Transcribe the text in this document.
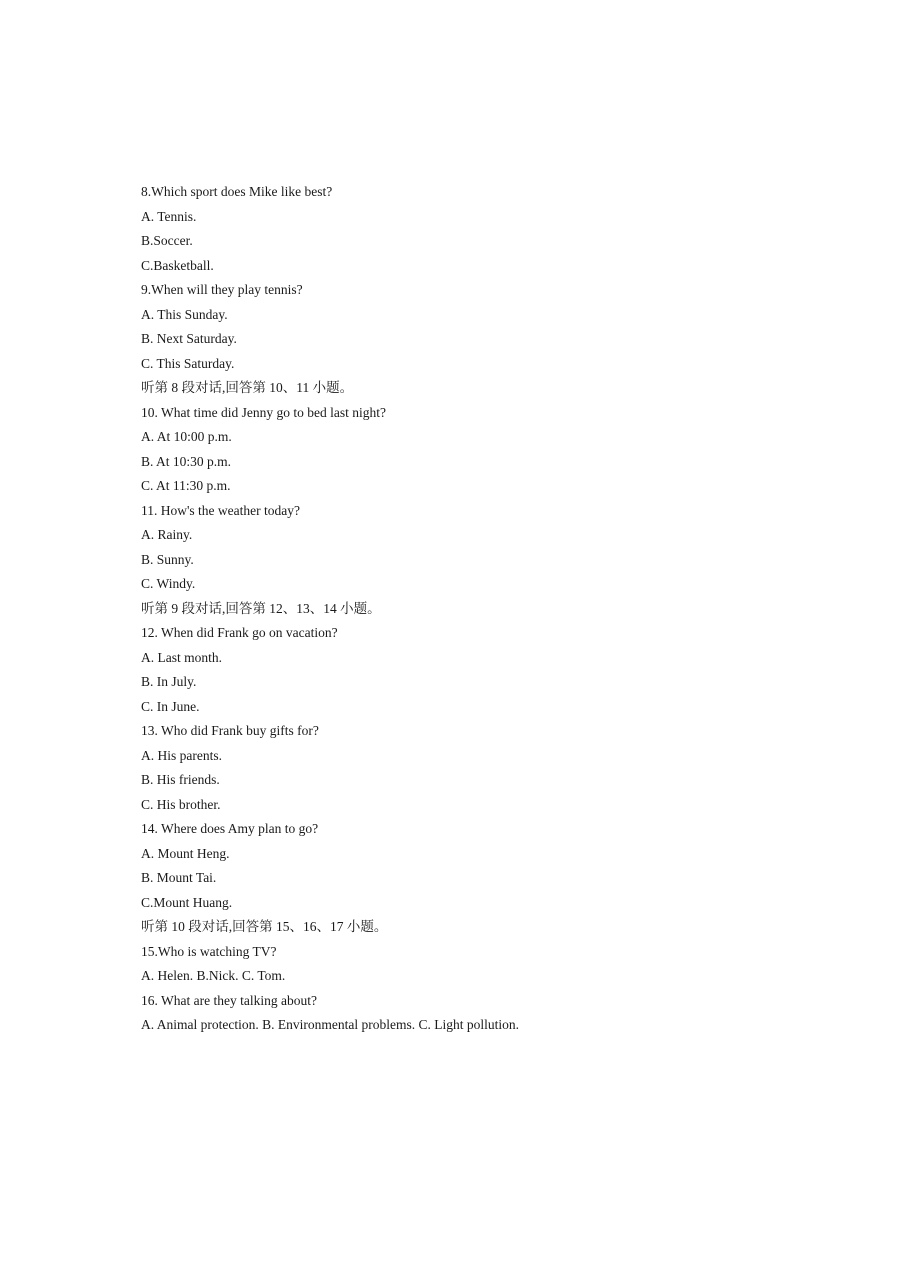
8.Which sport does Mike like best?
A. Tennis.
B.Soccer.
C.Basketball.
9.When will they play tennis?
A. This Sunday.
B. Next Saturday.
C. This Saturday.
听第 8 段对话,回答第 10、11 小题。
10. What time did Jenny go to bed last night?
A. At 10:00 p.m.
B. At 10:30 p.m.
C. At 11:30 p.m.
11. How's the weather today?
A. Rainy.
B. Sunny.
C. Windy.
听第 9 段对话,回答第 12、13、14 小题。
12. When did Frank go on vacation?
A. Last month.
B. In July.
C. In June.
13. Who did Frank buy gifts for?
A. His parents.
B. His friends.
C. His brother.
14. Where does Amy plan to go?
A. Mount Heng.
B. Mount Tai.
C.Mount Huang.
听第 10 段对话,回答第 15、16、17 小题。
15.Who is watching TV?
A. Helen. B.Nick. C. Tom.
16. What are they talking about?
A. Animal protection. B. Environmental problems. C. Light pollution.
